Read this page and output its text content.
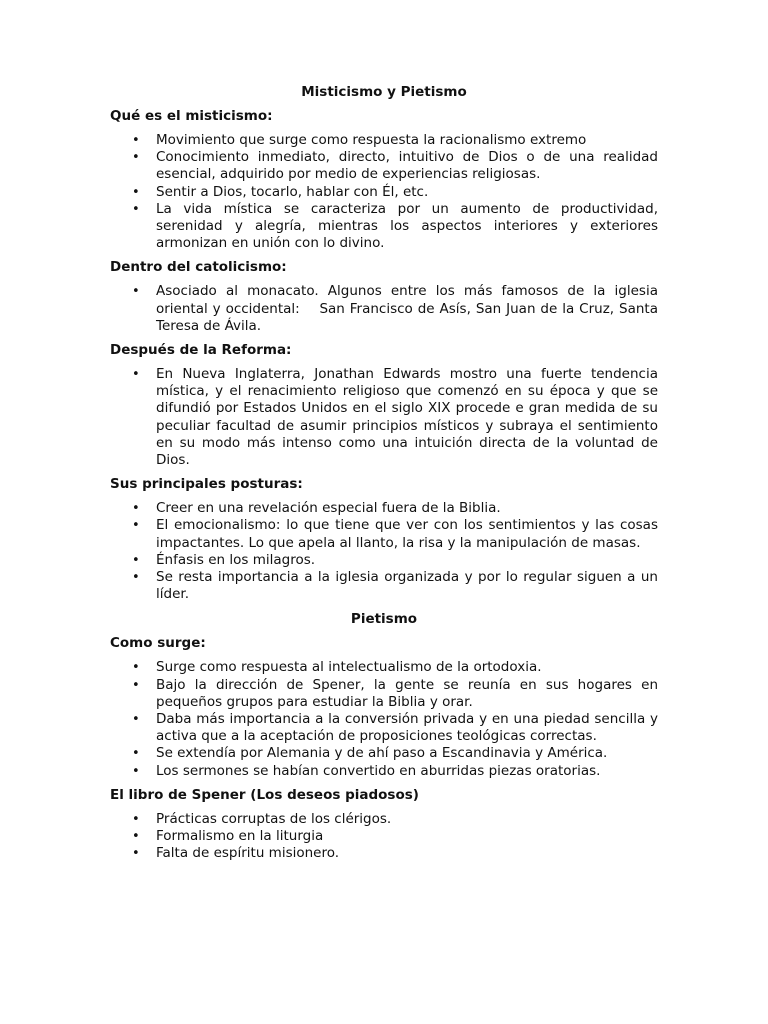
Misticismo y Pietismo
Qué es el misticismo:
• Movimiento que surge como respuesta la racionalismo extremo
• Conocimiento inmediato, directo, intuitivo de Dios o de una realidad esencial, adquirido por medio de experiencias religiosas.
• Sentir a Dios, tocarlo, hablar con Él, etc.
• La vida mística se caracteriza por un aumento de productividad, serenidad y alegría, mientras los aspectos interiores y exteriores armonizan en unión con lo divino.
Dentro del catolicismo:
• Asociado al monacato. Algunos entre los más famosos de la iglesia oriental y occidental:    San Francisco de Asís, San Juan de la Cruz, Santa Teresa de Ávila.
Después de la Reforma:
• En Nueva Inglaterra, Jonathan Edwards mostro una fuerte tendencia mística, y el renacimiento religioso que comenzó en su época y que se difundió por Estados Unidos en el siglo XIX procede e gran medida de su peculiar facultad de asumir principios místicos y subraya el sentimiento en su modo más intenso como una intuición directa de la voluntad de Dios.
Sus principales posturas:
• Creer en una revelación especial fuera de la Biblia.
• El emocionalismo: lo que tiene que ver con los sentimientos y las cosas impactantes. Lo que apela al llanto, la risa y la manipulación de masas.
• Énfasis en los milagros.
• Se resta importancia a la iglesia organizada y por lo regular siguen a un líder.
Pietismo
Como surge:
• Surge como respuesta al intelectualismo de la ortodoxia.
• Bajo la dirección de Spener, la gente se reunía en sus hogares en pequeños grupos para estudiar la Biblia y orar.
• Daba más importancia a la conversión privada y en una piedad sencilla y activa que a la aceptación de proposiciones teológicas correctas.
• Se extendía por Alemania y de ahí paso a Escandinavia y América.
• Los sermones se habían convertido en aburridas piezas oratorias.
El libro de Spener (Los deseos piadosos)
• Prácticas corruptas de los clérigos.
• Formalismo en la liturgia
• Falta de espíritu misionero.
